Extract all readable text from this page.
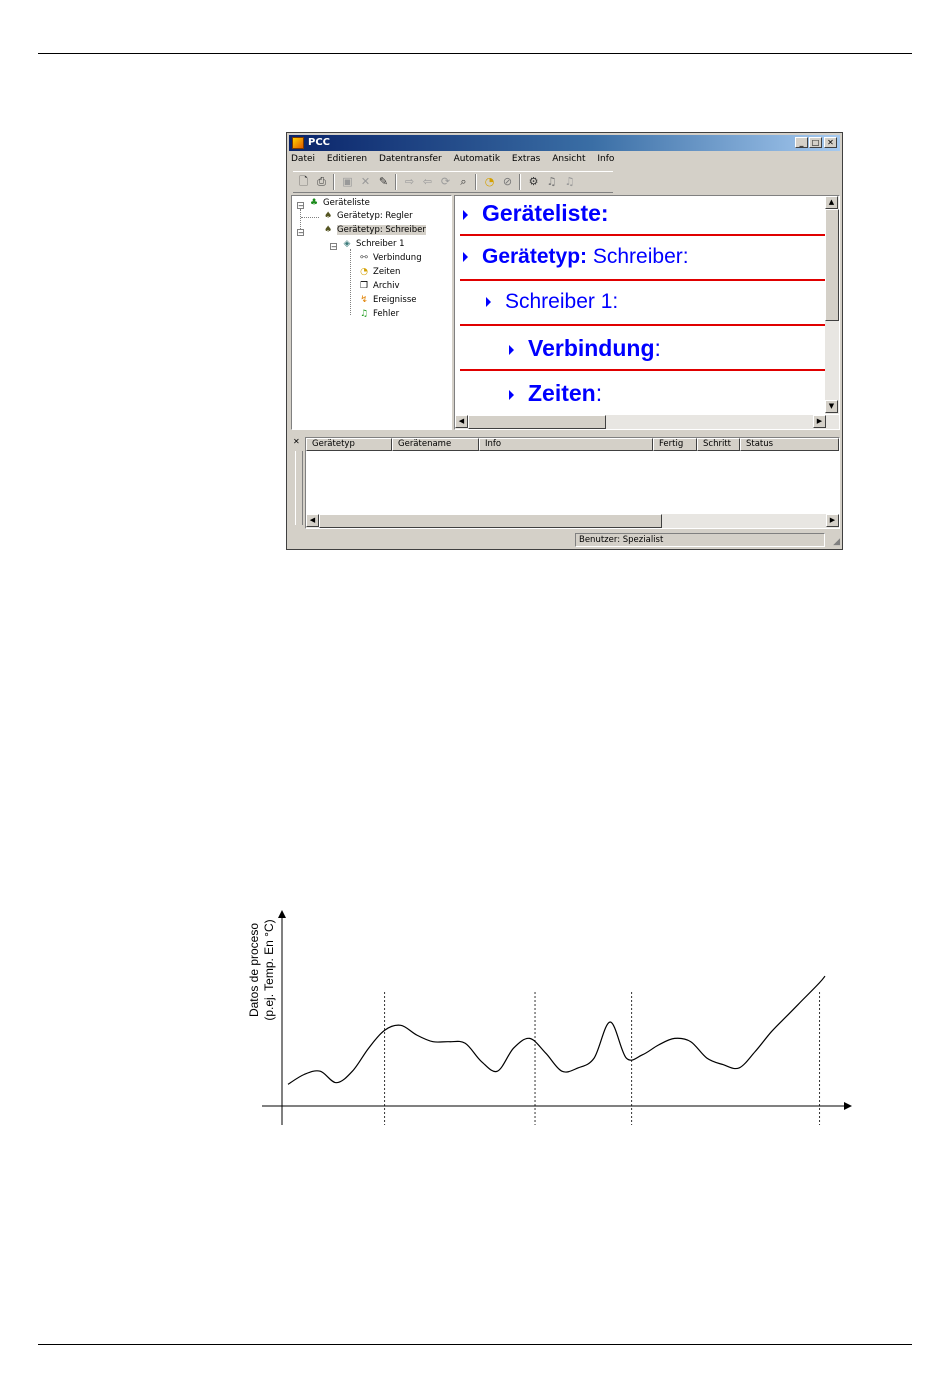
PCC	_	□ ✕
Datei Editieren Datentransfer Automatik Extras Ansicht Info
🗋 ⎙	▣ ✕ ✎	⇨ ⇦ ⟳ ⌕	◔ ⊘	⚙ ♫ ♫
− ♣ Geräteliste
♠ Gerätetyp: Regler
− ♠ Gerätetyp: Schreiber
− ◈ Schreiber 1
⚯ Verbindung
◔ Zeiten
❐ Archiv
↯ Ereignisse
♫ Fehler
Geräteliste:
Gerätetyp: Schreiber:
Schreiber 1:
Verbindung:
Zeiten:
▲
▼
◀	▶
✕	Gerätetyp	Gerätename	Info	Fertig	Schritt	Status
◀	▶
Benutzer: Spezialist	◢
Datos de proceso (p.ej. Temp. En °C)
